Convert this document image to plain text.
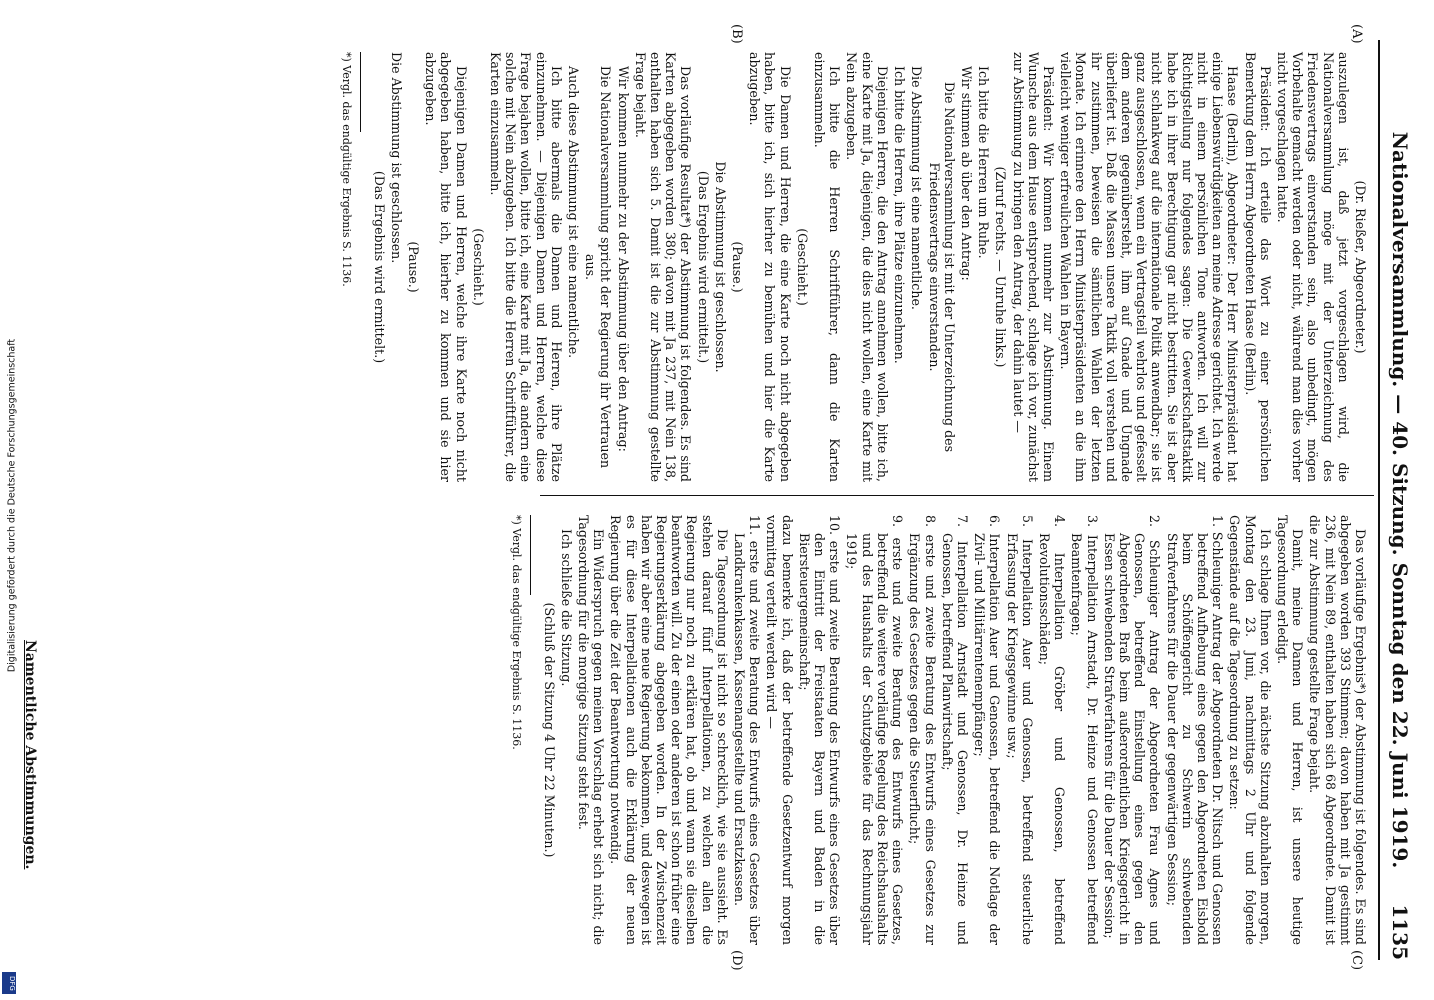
Digitalisierung gefördert durch die Deutsche Forschungsgemeinschaft
DFG
Nationalversammlung. — 40. Sitzung. Sonntag den 22. Juni 1919.
1135
(A)
(B)
(C)
(D)

(Dr. Rießer, Abgeordneter.)

auszulegen ist, daß jetzt vorgeschlagen wird, die Nationalversammlung möge mit der Unterzeichnung des Friedensvertrags einverstanden sein, also unbedingt, mögen Vorbehalte gemacht werden oder nicht, während man dies vorher nicht vorgeschlagen hatte.

Präsident: Ich erteile das Wort zu einer persönlichen Bemerkung dem Herrn Abgeordneten Haase (Berlin).

Haase (Berlin), Abgeordneter: Der Herr Ministerpräsident hat einige Liebenswürdigkeiten an meine Adresse gerichtet. Ich werde nicht in einem persönlichen Tone antworten. Ich will zur Richtigstellung nur folgendes sagen: Die Gewerkschaftstaktik habe ich in ihrer Berechtigung gar nicht bestritten. Sie ist aber nicht schlankweg auf die internationale Politik anwendbar; sie ist ganz ausgeschlossen, wenn ein Vertragsteil wehrlos und gefesselt dem anderen gegenübersteht, ihm auf Gnade und Ungnade überliefert ist. Daß die Massen unsere Taktik voll verstehen und ihr zustimmen, beweisen die sämtlichen Wahlen der letzten Monate. Ich erinnere den Herrn Ministerpräsidenten an die ihm vielleicht weniger erfreulichen Wahlen in Bayern.

Präsident: Wir kommen nunmehr zur Abstimmung. Einem Wunsche aus dem Hause entsprechend, schlage ich vor, zunächst zur Abstimmung zu bringen den Antrag, der dahin lautet —

(Zuruf rechts. — Unruhe links.)

Ich bitte die Herren um Ruhe.

Wir stimmen ab über den Antrag:

Die Nationalversammlung ist mit der Unterzeichnung des Friedensvertrags einverstanden.

Die Abstimmung ist eine namentliche.

Ich bitte die Herren, ihre Plätze einzunehmen.

Diejenigen Herren, die den Antrag annehmen wollen, bitte ich, eine Karte mit Ja, diejenigen, die dies nicht wollen, eine Karte mit Nein abzugeben.

Ich bitte die Herren Schriftführer, dann die Karten einzusammeln.

(Geschieht.)

Die Damen und Herren, die eine Karte noch nicht abgegeben haben, bitte ich, sich hierher zu bemühen und hier die Karte abzugeben.

(Pause.)

Die Abstimmung ist geschlossen.

(Das Ergebnis wird ermittelt.)

Das vorläufige Resultat*) der Abstimmung ist folgendes. Es sind Karten abgegeben worden 380; davon mit Ja 237, mit Nein 138, enthalten haben sich 5. Damit ist die zur Abstimmung gestellte Frage bejaht.

Wir kommen nunmehr zu der Abstimmung über den Antrag:

Die Nationalversammlung spricht der Regierung ihr Vertrauen aus.

Auch diese Abstimmung ist eine namentliche.

Ich bitte abermals die Damen und Herren, ihre Plätze einzunehmen. — Diejenigen Damen und Herren, welche diese Frage bejahen wollen, bitte ich, eine Karte mit Ja, die andern eine solche mit Nein abzugeben. Ich bitte die Herren Schriftführer, die Karten einzusammeln.

(Geschieht.)

Diejenigen Damen und Herren, welche ihre Karte noch nicht abgegeben haben, bitte ich, hierher zu kommen und sie hier abzugeben.

(Pause.)

Die Abstimmung ist geschlossen.

(Das Ergebnis wird ermittelt.)

*) Vergl. das endgültige Ergebnis S. 1136.

Das vorläufige Ergebnis*) der Abstimmung ist folgendes. Es sind abgegeben worden 393 Stimmen; davon haben mit Ja gestimmt 236, mit Nein 89, enthalten haben sich 68 Abgeordnete. Damit ist die zur Abstimmung gestellte Frage bejaht.

Damit, meine Damen und Herren, ist unsere heutige Tagesordnung erledigt.

Ich schlage Ihnen vor, die nächste Sitzung abzuhalten morgen, Montag den 23. Juni, nachmittags 2 Uhr und folgende Gegenstände auf die Tagesordnung zu setzen:

1. Schleuniger Antrag der Abgeordneten Dr. Nitsch und Genossen betreffend Aufhebung eines gegen den Abgeordneten Eisbold beim Schöffengericht zu Schwerin schwebenden Strafverfahrens für die Dauer der gegenwärtigen Session;

2. Schleuniger Antrag der Abgeordneten Frau Agnes und Genossen, betreffend Einstellung eines gegen den Abgeordneten Braß beim außerordentlichen Kriegsgericht in Essen schwebenden Strafverfahrens für die Dauer der Session;

3. Interpellation Arnstadt, Dr. Heinze und Genossen betreffend Beamtenfragen;

4. Interpellation Gröber und Genossen, betreffend Revolutionsschäden;

5. Interpellation Auer und Genossen, betreffend steuerliche Erfassung der Kriegsgewinne usw.;

6. Interpellation Auer und Genossen, betreffend die Notlage der Zivil- und Militärrentenempfänger;

7. Interpellation Arnstadt und Genossen, Dr. Heinze und Genossen, betreffend Planwirtschaft;

8. erste und zweite Beratung des Entwurfs eines Gesetzes zur Ergänzung des Gesetzes gegen die Steuerflucht;

9. erste und zweite Beratung des Entwurfs eines Gesetzes, betreffend die weitere vorläufige Regelung des Reichshaushalts und des Haushalts der Schutzgebiete für das Rechnungsjahr 1919;

10. erste und zweite Beratung des Entwurfs eines Gesetzes über den Eintritt der Freistaaten Bayern und Baden in die Biersteuergemeinschaft;

dazu bemerke ich, daß der betreffende Gesetzentwurf morgen vormittag verteilt werden wird —

11. erste und zweite Beratung des Entwurfs eines Gesetzes über Landkrankenkassen, Kassenangestellte und Ersatzkassen.

Die Tagesordnung ist nicht so schrecklich, wie sie aussieht. Es stehen darauf fünf Interpellationen, zu welchen allen die Regierung nur noch zu erklären hat, ob und wann sie dieselben beantworten will. Zu der einen oder anderen ist schon früher eine Regierungserklärung abgegeben worden. In der Zwischenzeit haben wir aber eine neue Regierung bekommen, und deswegen ist es für diese Interpellationen auch die Erklärung der neuen Regierung über die Zeit der Beantwortung notwendig.

Ein Widerspruch gegen meinen Vorschlag erhebt sich nicht; die Tagesordnung für die morgige Sitzung steht fest.

Ich schließe die Sitzung.

(Schluß der Sitzung 4 Uhr 22 Minuten.)

*) Vergl. das endgültige Ergebnis S. 1136.
Namentliche Abstimmungen.
